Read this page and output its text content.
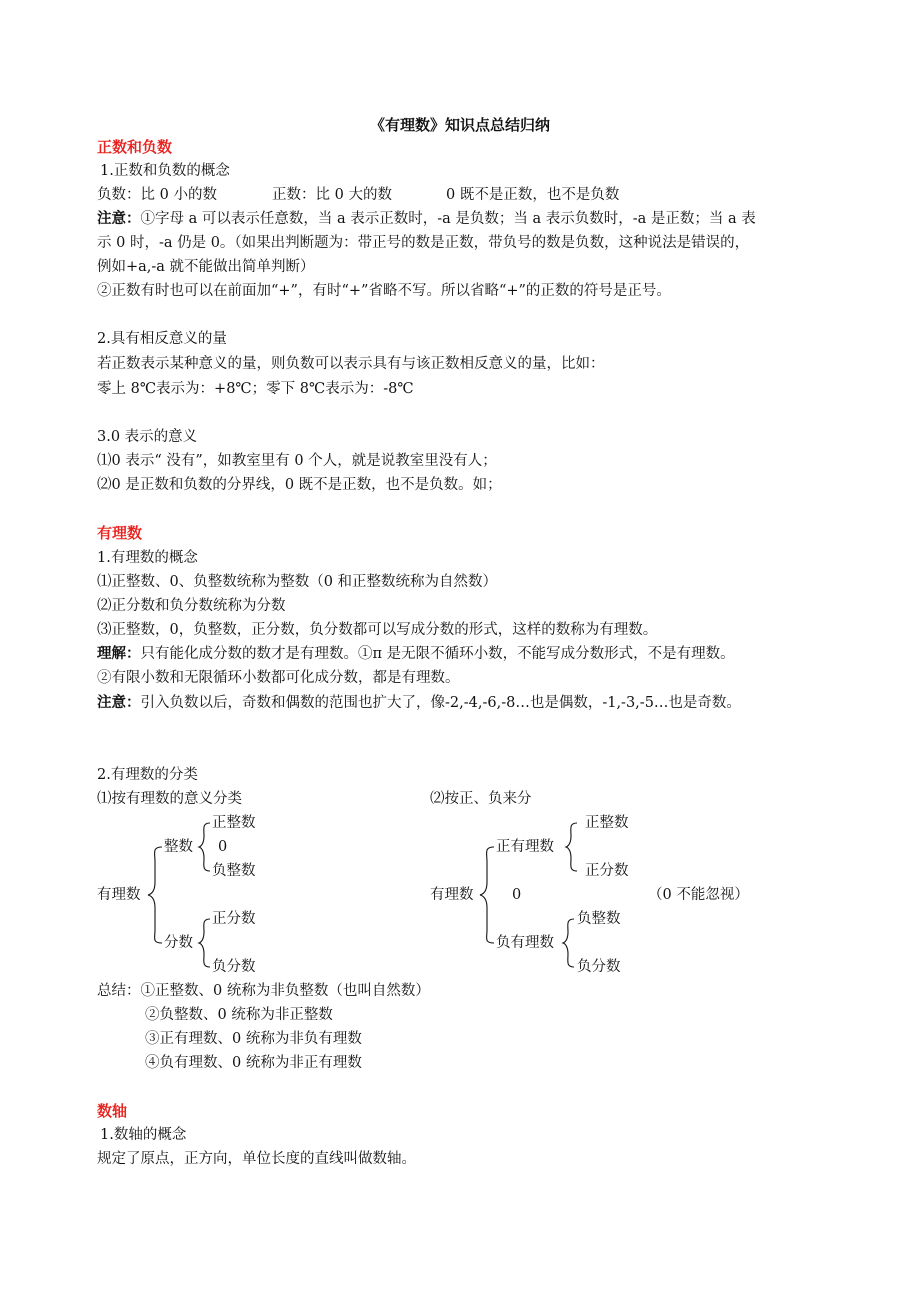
《有理数》知识点总结归纳
正数和负数
1.正数和负数的概念
负数：比 0 小的数	正数：比 0 大的数	0 既不是正数，也不是负数
注意：①字母 a 可以表示任意数，当 a 表示正数时，-a 是负数；当 a 表示负数时，-a 是正数；当 a 表
示 0 时，-a 仍是 0。（如果出判断题为：带正号的数是正数，带负号的数是负数，这种说法是错误的，
例如+a,-a 就不能做出简单判断）
②正数有时也可以在前面加“+”，有时“+”省略不写。所以省略“+”的正数的符号是正号。
2.具有相反意义的量
若正数表示某种意义的量，则负数可以表示具有与该正数相反意义的量，比如：
零上 8℃表示为：+8℃；零下 8℃表示为：-8℃
3.0 表示的意义
⑴0 表示“ 没有”，如教室里有 0 个人，就是说教室里没有人；
⑵0 是正数和负数的分界线，0 既不是正数，也不是负数。如；
有理数
1.有理数的概念
⑴正整数、0、负整数统称为整数（0 和正整数统称为自然数）
⑵正分数和负分数统称为分数
⑶正整数，0，负整数，正分数，负分数都可以写成分数的形式，这样的数称为有理数。
理解：只有能化成分数的数才是有理数。①π 是无限不循环小数，不能写成分数形式，不是有理数。
②有限小数和无限循环小数都可化成分数，都是有理数。
注意：引入负数以后，奇数和偶数的范围也扩大了，像-2,-4,-6,-8…也是偶数，-1,-3,-5…也是奇数。
2.有理数的分类
⑴按有理数的意义分类	⑵按正、负来分
有理数
整数
正整数
0
负整数
分数
正分数
负分数
有理数
正有理数
正整数
正分数
0	（0 不能忽视）
负有理数
负整数
负分数
总结：①正整数、0 统称为非负整数（也叫自然数）
②负整数、0 统称为非正整数
③正有理数、0 统称为非负有理数
④负有理数、0 统称为非正有理数
数轴
1.数轴的概念
规定了原点，正方向，单位长度的直线叫做数轴。
